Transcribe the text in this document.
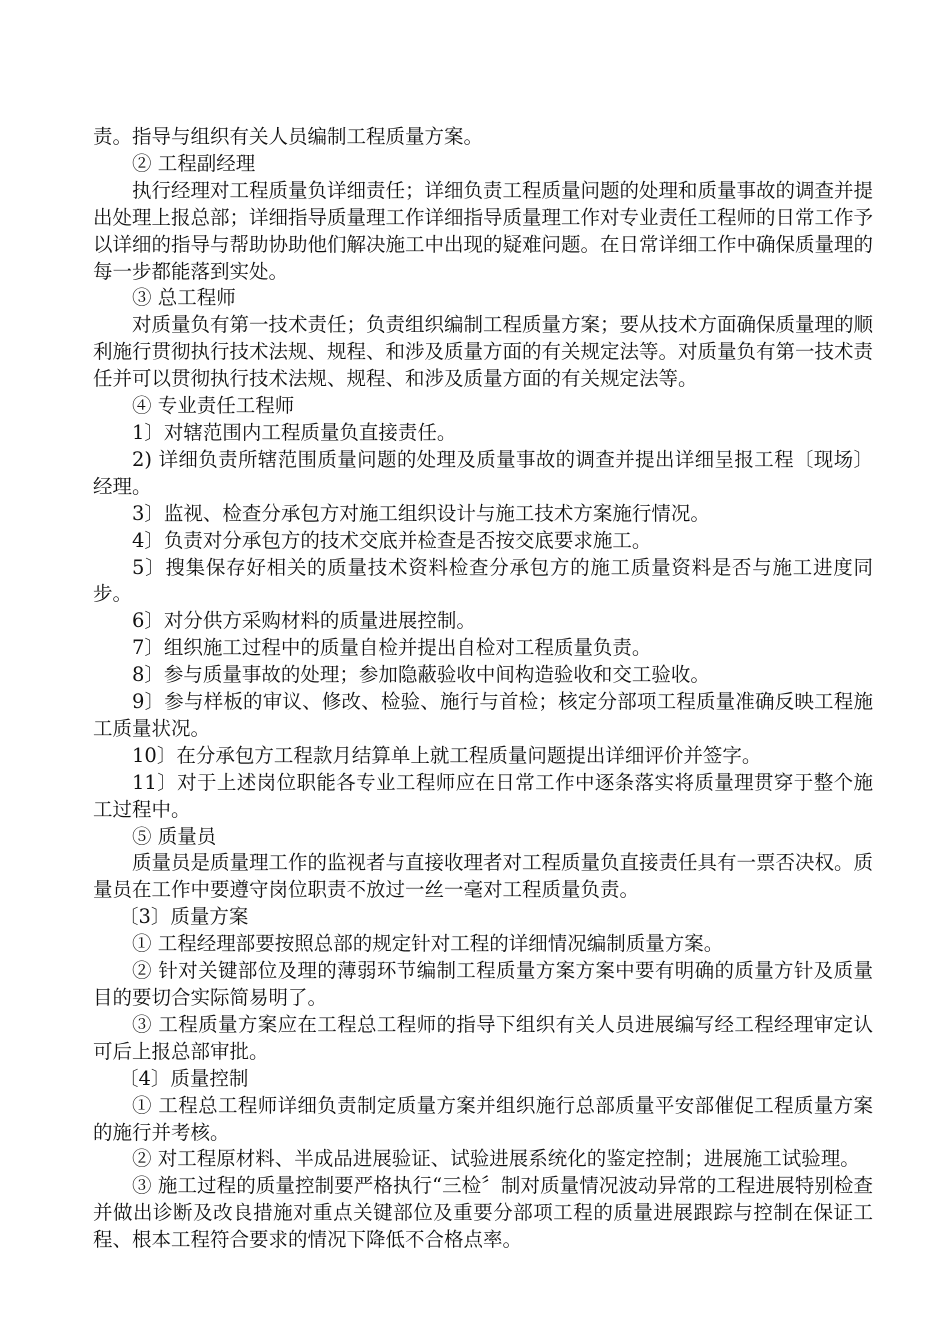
责。指导与组织有关人员编制工程质量方案。

② 工程副经理

执行经理对工程质量负详细责任；详细负责工程质量问题的处理和质量事故的调查并提出处理上报总部；详细指导质量理工作详细指导质量理工作对专业责任工程师的日常工作予以详细的指导与帮助协助他们解决施工中出现的疑难问题。在日常详细工作中确保质量理的每一步都能落到实处。

③ 总工程师

对质量负有第一技术责任；负责组织编制工程质量方案；要从技术方面确保质量理的顺利施行贯彻执行技术法规、规程、和涉及质量方面的有关规定法等。对质量负有第一技术责任并可以贯彻执行技术法规、规程、和涉及质量方面的有关规定法等。

④ 专业责任工程师

1〕对辖范围内工程质量负直接责任。

2) 详细负责所辖范围质量问题的处理及质量事故的调查并提出详细呈报工程〔现场〕经理。

3〕监视、检查分承包方对施工组织设计与施工技术方案施行情况。

4〕负责对分承包方的技术交底并检查是否按交底要求施工。

5〕搜集保存好相关的质量技术资料检查分承包方的施工质量资料是否与施工进度同步。

6〕对分供方采购材料的质量进展控制。

7〕组织施工过程中的质量自检并提出自检对工程质量负责。

8〕参与质量事故的处理；参加隐蔽验收中间构造验收和交工验收。

9〕参与样板的审议、修改、检验、施行与首检；核定分部项工程质量准确反映工程施工质量状况。

10〕在分承包方工程款月结算单上就工程质量问题提出详细评价并签字。

11〕对于上述岗位职能各专业工程师应在日常工作中逐条落实将质量理贯穿于整个施工过程中。

⑤ 质量员

质量员是质量理工作的监视者与直接收理者对工程质量负直接责任具有一票否决权。质量员在工作中要遵守岗位职责不放过一丝一毫对工程质量负责。

〔3〕质量方案

① 工程经理部要按照总部的规定针对工程的详细情况编制质量方案。

② 针对关键部位及理的薄弱环节编制工程质量方案方案中要有明确的质量方针及质量目的要切合实际简易明了。

③ 工程质量方案应在工程总工程师的指导下组织有关人员进展编写经工程经理审定认可后上报总部审批。

〔4〕质量控制

① 工程总工程师详细负责制定质量方案并组织施行总部质量平安部催促工程质量方案的施行并考核。

② 对工程原材料、半成品进展验证、试验进展系统化的鉴定控制；进展施工试验理。

③ 施工过程的质量控制要严格执行“三检〞制对质量情况波动异常的工程进展特别检查并做出诊断及改良措施对重点关键部位及重要分部项工程的质量进展跟踪与控制在保证工程、根本工程符合要求的情况下降低不合格点率。
